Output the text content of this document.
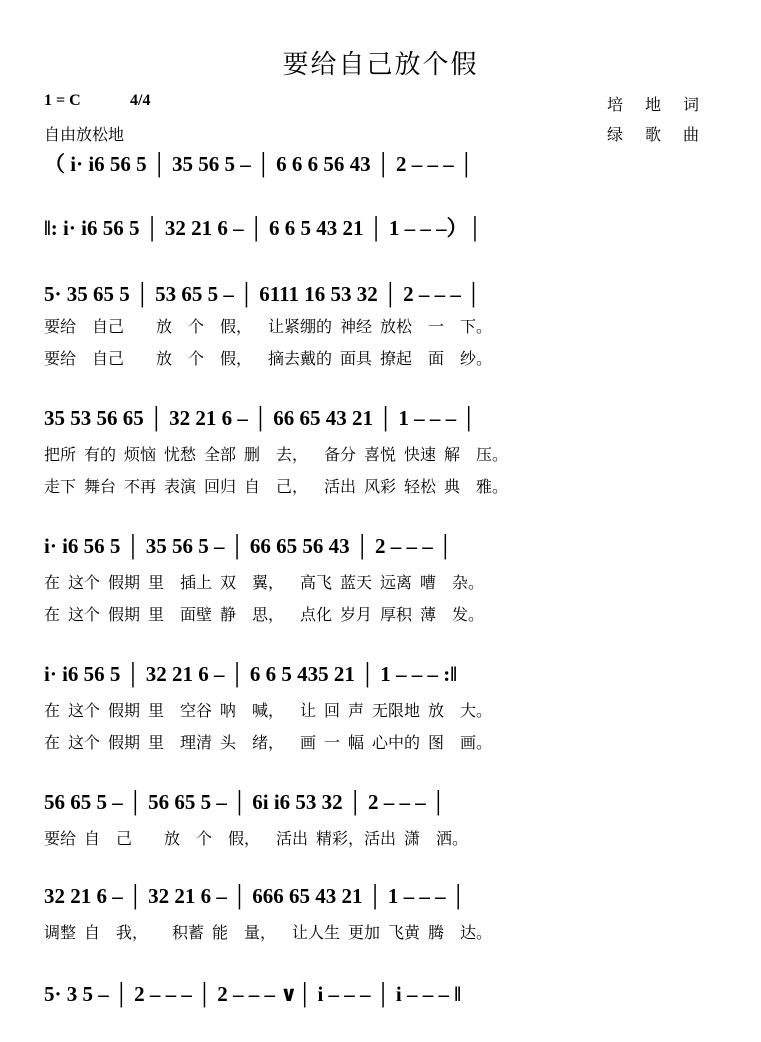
要给自己放个假
1 = C	4/4	培地词
绿歌曲
自由放松地
（ i· i6 56 5 │ 35 56 5 – │ 6 6 6 56 43 │ 2 – – – │
‖: i· i6 56 5 │ 32 21 6 – │ 6 6 5 43 21 │ 1 – – –）│
5· 35 65 5 │ 53 65 5 – │ 6111 16 53 32 │ 2 – – – │
要给    自己        放    个    假，    让紧绷的  神经  放松    一    下。
要给    自己        放    个    假，    摘去戴的  面具  撩起    面    纱。
35 53 56 65 │ 32 21 6 – │ 66 65 43 21 │ 1 – – – │
把所  有的  烦恼  忧愁  全部  删    去，    备分  喜悦  快速  解    压。
走下  舞台  不再  表演  回归  自    己，    活出  风彩  轻松  典    雅。
i· i6 56 5 │ 35 56 5 – │ 66 65 56 43 │ 2 – – – │
在  这个  假期  里    插上  双    翼，    高飞  蓝天  远离  嘈    杂。
在  这个  假期  里    面壁  静    思，    点化  岁月  厚积  薄    发。
i· i6 56 5 │ 32 21 6 – │ 6 6 5 435 21 │ 1 – – – :‖
在  这个  假期  里    空谷  呐    喊，    让  回  声  无限地  放    大。
在  这个  假期  里    理清  头    绪，    画  一  幅  心中的  图    画。
56 65 5 – │ 56 65 5 – │ 6i i6 53 32 │ 2 – – – │
要给  自    己        放    个    假，    活出  精彩，活出  潇    洒。
32 21 6 – │ 32 21 6 – │ 666 65 43 21 │ 1 – – – │
调整  自    我，      积蓄  能    量，    让人生  更加  飞黄  腾    达。
5· 3 5 – │ 2 – – – │ 2 – – – ∨│ i – – – │ i – – – ‖
